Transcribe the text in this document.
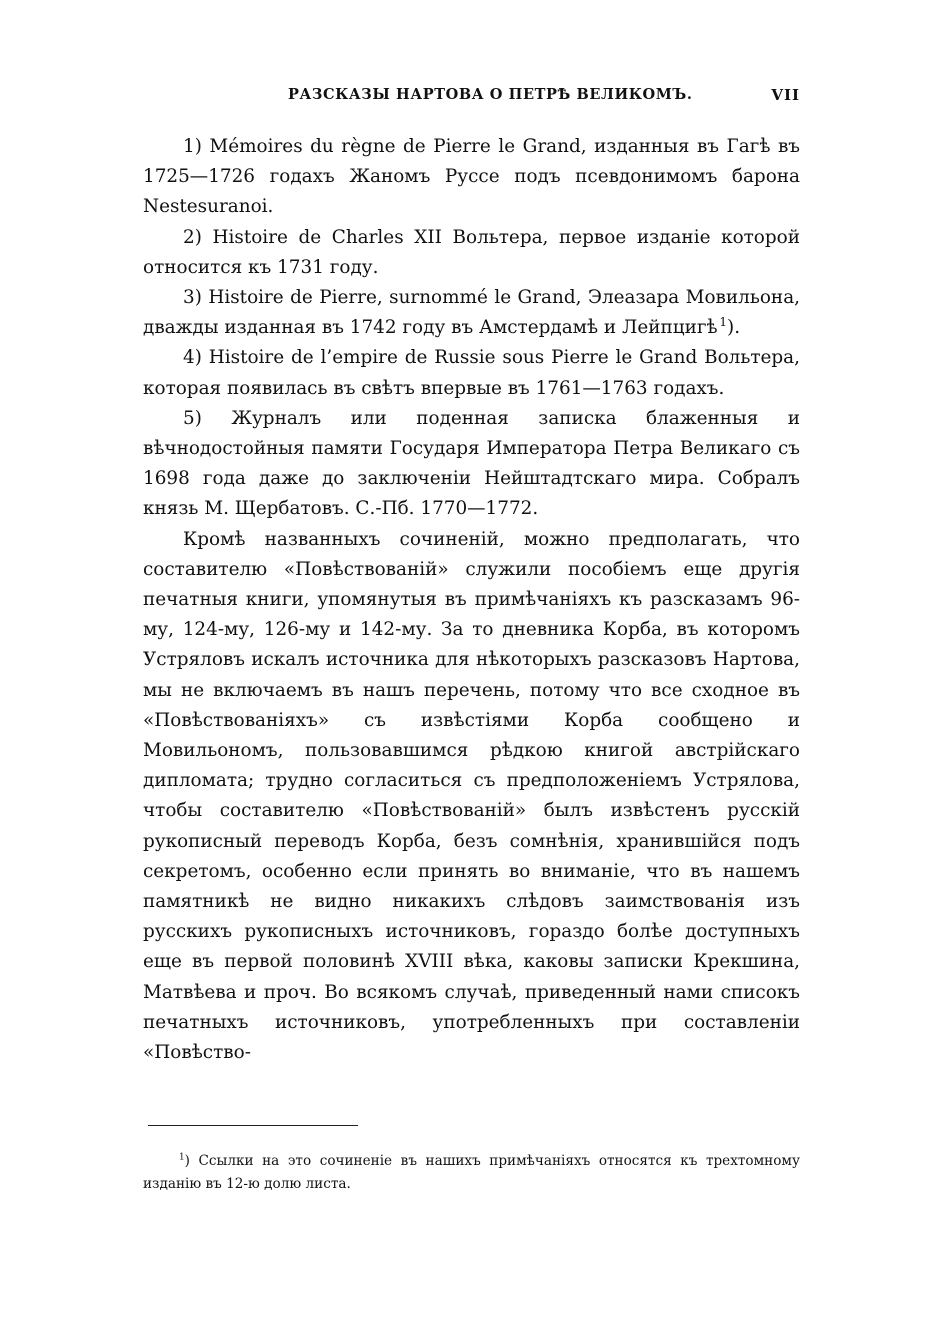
РАЗСКАЗЫ НАРТОВА О ПЕТРѢ ВЕЛИКОМЪ.	VII

1) Mémoires du règne de Pierre le Grand, изданныя въ Гагѣ въ 1725—1726 годахъ Жаномъ Руссе подъ псевдонимомъ барона Nestesuranoi.

2) Histoire de Charles XII Вольтера, первое изданіе которой относится къ 1731 году.

3) Histoire de Pierre, surnommé le Grand, Элеазара Мовильона, дважды изданная въ 1742 году въ Амстердамѣ и Лейпцигѣ  $^1$).

4) Histoire de l’empire de Russie sous Pierre le Grand Вольтера, которая появилась въ свѣтъ впервые въ 1761—1763 годахъ.

5) Журналъ или поденная записка блаженныя и вѣчнодостойныя памяти Государя Императора Петра Великаго съ 1698 года даже до заключеніи Нейштадтскаго мира. Собралъ князь М. Щербатовъ. С.-Пб. 1770—1772.

Кромѣ названныхъ сочиненій, можно предполагать, что составителю «Повѣствованій» служили пособіемъ еще другія печатныя книги, упомянутыя въ примѣчаніяхъ къ разсказамъ 96-му, 124-му, 126-му и 142-му. За то дневника Корба, въ которомъ Устряловъ искалъ источника для нѣкоторыхъ разсказовъ Нартова, мы не включаемъ въ нашъ перечень, потому что все сходное въ «Повѣствованіяхъ» съ извѣстіями Корба сообщено и Мовильономъ, пользовавшимся рѣдкою книгой австрійскаго дипломата; трудно согласиться съ предположеніемъ Устрялова, чтобы составителю «Повѣствованій» былъ извѣстенъ русскій рукописный переводъ Корба, безъ сомнѣнія, хранившійся подъ секретомъ, особенно если принять во вниманіе, что въ нашемъ памятникѣ не видно никакихъ слѣдовъ заимствованія изъ русскихъ рукописныхъ источниковъ, гораздо болѣе доступныхъ еще въ первой половинѣ XVIII вѣка, каковы записки Крекшина, Матвѣева и проч. Во всякомъ случаѣ, приведенный нами списокъ печатныхъ источниковъ, употребленныхъ при составленіи «Повѣство-

$^1$) Ссылки на это сочиненіе въ нашихъ примѣчаніяхъ относятся къ трехтомному изданію въ 12-ю долю листа.
